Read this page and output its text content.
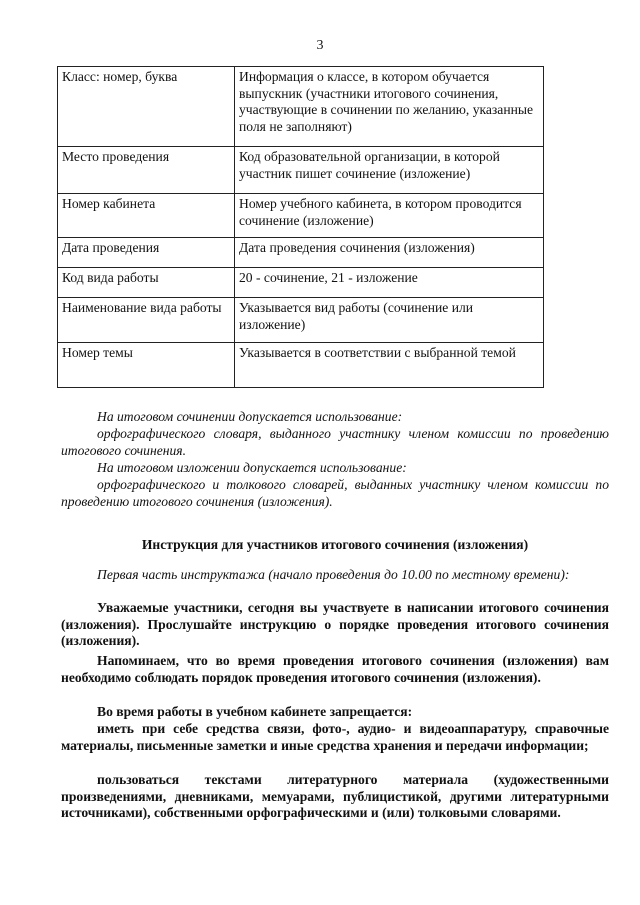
3
Класс: номер, буква	Информация о классе, в котором обучается выпускник (участники итогового сочинения, участвующие в сочинении по желанию, указанные поля не заполняют)
Место проведения	Код образовательной организации, в которой участник пишет сочинение (изложение)
Номер кабинета	Номер учебного кабинета, в котором проводится сочинение (изложение)
Дата проведения	Дата проведения сочинения (изложения)
Код вида работы	20 - сочинение, 21 - изложение
Наименование вида работы	Указывается вид работы (сочинение или изложение)
Номер темы	Указывается в соответствии с выбранной темой

На итоговом сочинении допускается использование:

орфографического словаря, выданного участнику членом комиссии по проведению итогового сочинения.

На итоговом изложении допускается использование:

орфографического и толкового словарей, выданных участнику членом комиссии по проведению итогового сочинения (изложения).

Инструкция для участников итогового сочинения (изложения)

Первая часть инструктажа (начало проведения до 10.00 по местному времени):

Уважаемые участники, сегодня вы участвуете в написании итогового сочинения (изложения). Прослушайте инструкцию о порядке проведения итогового сочинения (изложения).

Напоминаем, что во время проведения итогового сочинения (изложения) вам необходимо соблюдать порядок проведения итогового сочинения (изложения).

Во время работы в учебном кабинете запрещается:

иметь при себе средства связи, фото-, аудио- и видеоаппаратуру, справочные материалы, письменные заметки и иные средства хранения и передачи информации;

пользоваться текстами литературного материала (художественными произведениями, дневниками, мемуарами, публицистикой, другими литературными источниками), собственными орфографическими и (или) толковыми словарями.
